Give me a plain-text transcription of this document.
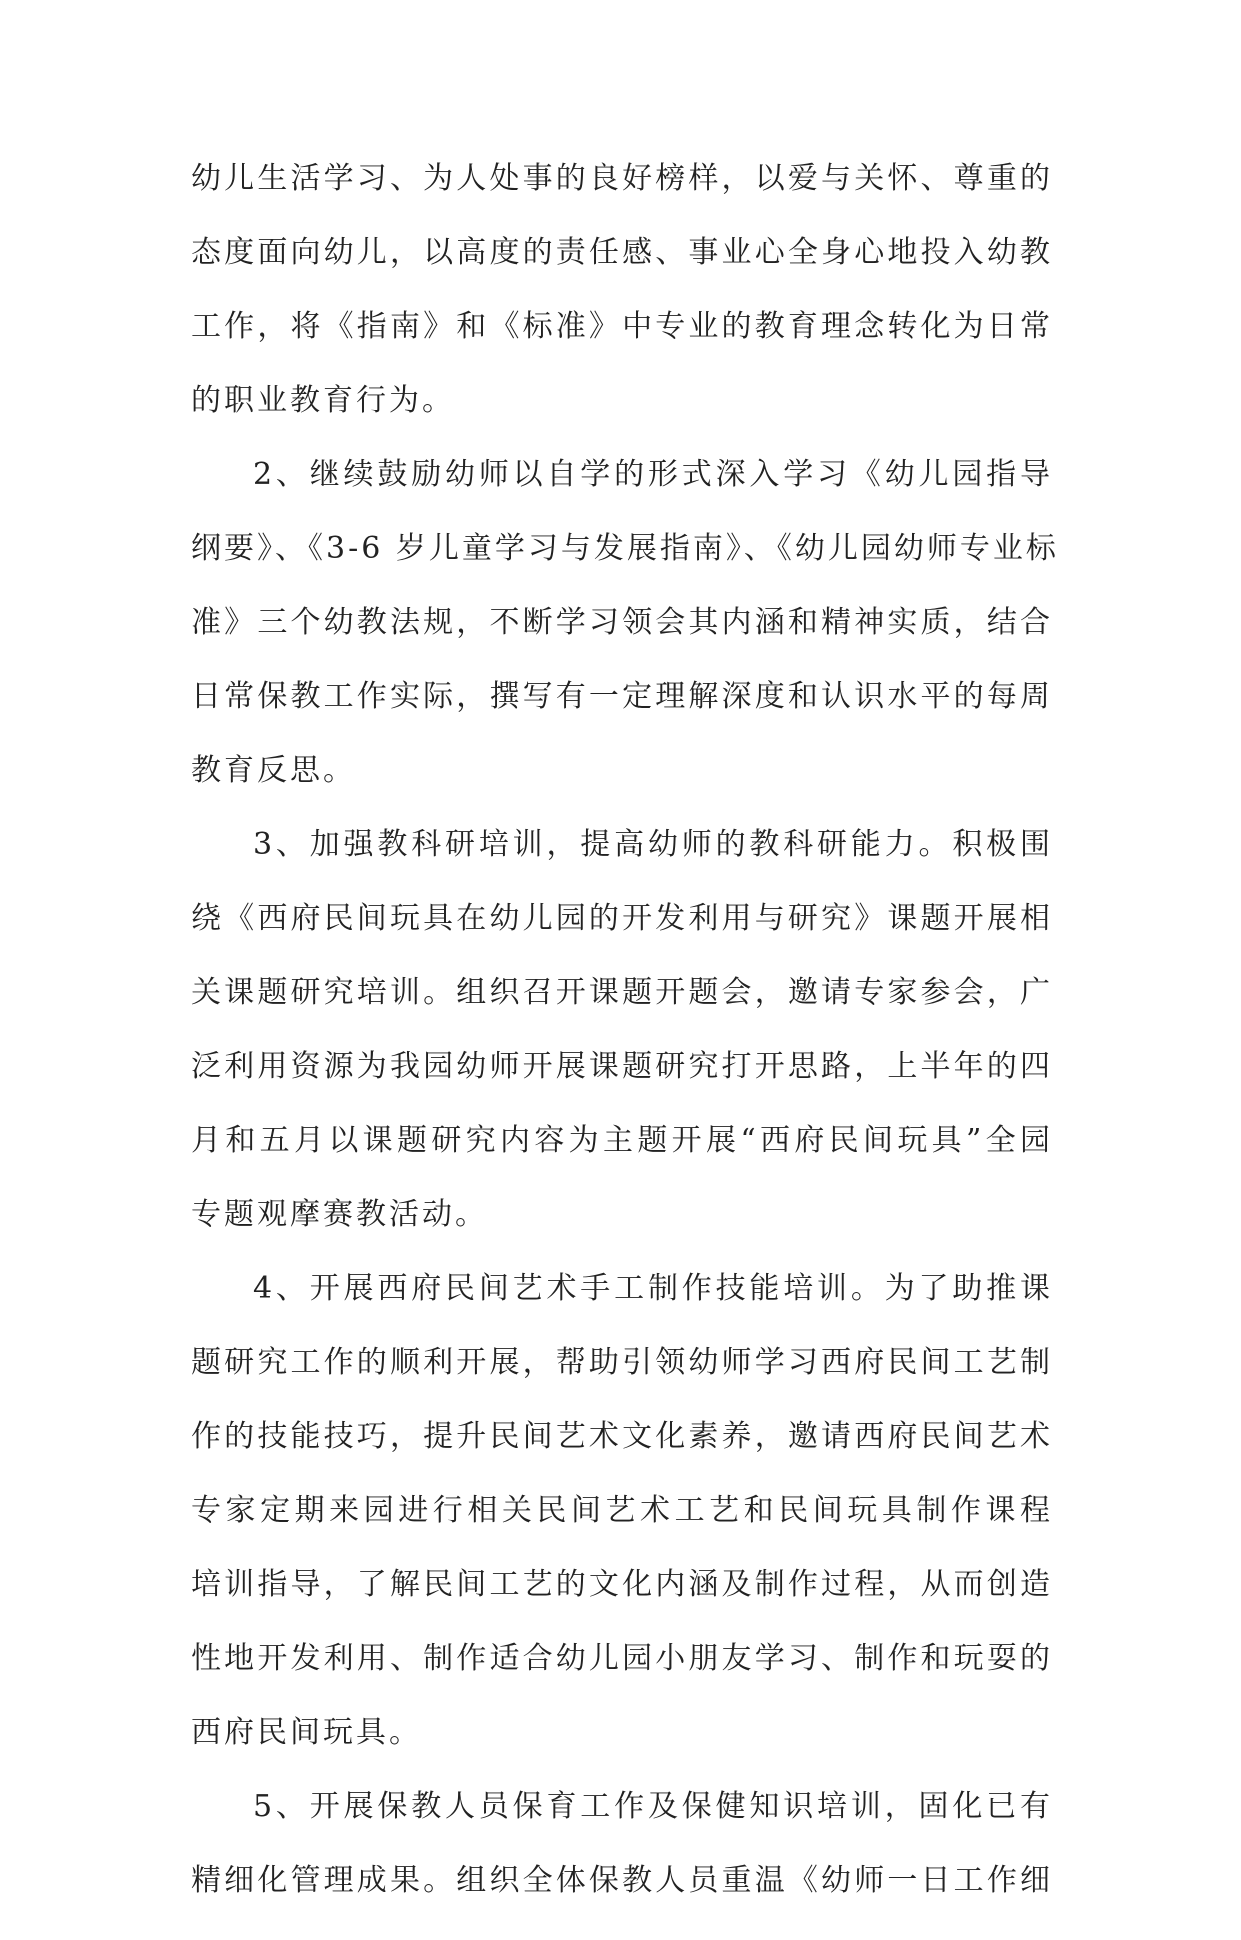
幼儿生活学习、为人处事的良好榜样，以爱与关怀、尊重的
态度面向幼儿，以高度的责任感、事业心全身心地投入幼教
工作，将《指南》和《标准》中专业的教育理念转化为日常
的职业教育行为。
2、继续鼓励幼师以自学的形式深入学习《幼儿园指导
纲要》、《3-6 岁儿童学习与发展指南》、《幼儿园幼师专业标
准》三个幼教法规，不断学习领会其内涵和精神实质，结合
日常保教工作实际，撰写有一定理解深度和认识水平的每周
教育反思。
3、加强教科研培训，提高幼师的教科研能力。积极围
绕《西府民间玩具在幼儿园的开发利用与研究》课题开展相
关课题研究培训。组织召开课题开题会，邀请专家参会，广
泛利用资源为我园幼师开展课题研究打开思路，上半年的四
月和五月以课题研究内容为主题开展“西府民间玩具”全园
专题观摩赛教活动。
4、开展西府民间艺术手工制作技能培训。为了助推课
题研究工作的顺利开展，帮助引领幼师学习西府民间工艺制
作的技能技巧，提升民间艺术文化素养，邀请西府民间艺术
专家定期来园进行相关民间艺术工艺和民间玩具制作课程
培训指导，了解民间工艺的文化内涵及制作过程，从而创造
性地开发利用、制作适合幼儿园小朋友学习、制作和玩耍的
西府民间玩具。
5、开展保教人员保育工作及保健知识培训，固化已有
精细化管理成果。组织全体保教人员重温《幼师一日工作细
